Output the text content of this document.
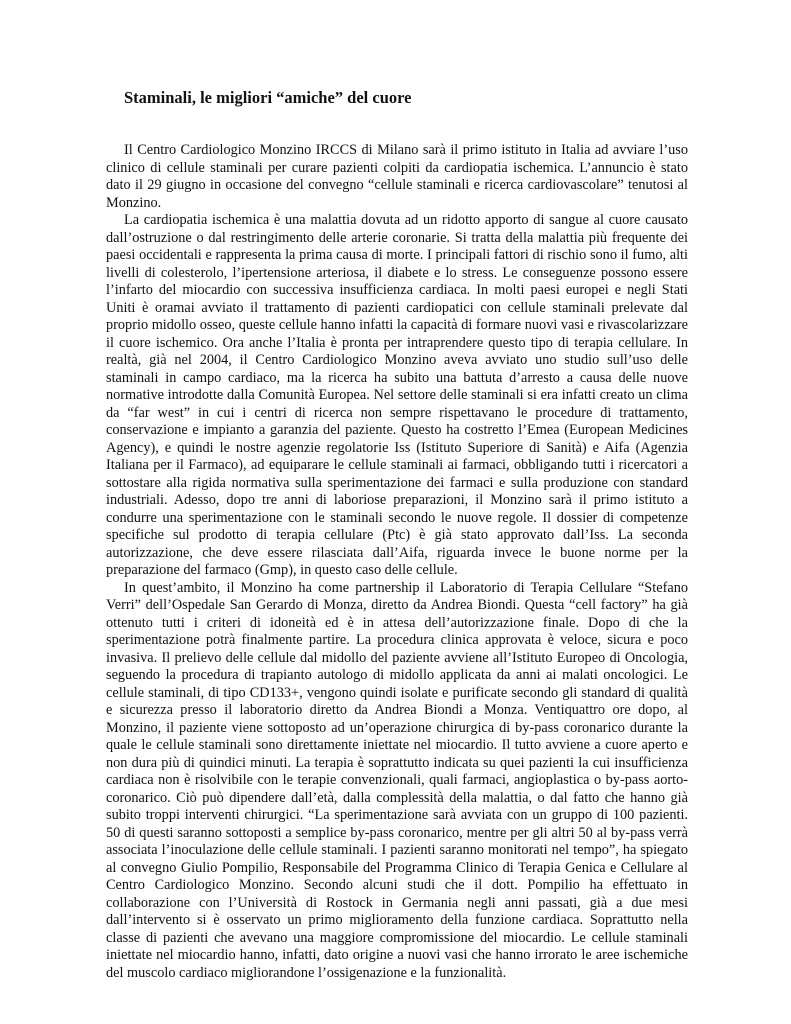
Staminali, le migliori “amiche” del cuore

Il Centro Cardiologico Monzino IRCCS di Milano sarà il primo istituto in Italia ad avviare l’uso clinico di cellule staminali per curare pazienti colpiti da cardiopatia ischemica. L’annuncio è stato dato il 29 giugno in occasione del convegno “cellule staminali e ricerca cardiovascolare” tenutosi al Monzino.

La cardiopatia ischemica è una malattia dovuta ad un ridotto apporto di sangue al cuore causato dall’ostruzione o dal restringimento delle arterie coronarie. Si tratta della malattia più frequente dei paesi occidentali e rappresenta la prima causa di morte. I principali fattori di rischio sono il fumo, alti livelli di colesterolo, l’ipertensione arteriosa, il diabete e lo stress. Le conseguenze possono essere l’infarto del miocardio con successiva insufficienza cardiaca. In molti paesi europei e negli Stati Uniti è oramai avviato il trattamento di pazienti cardiopatici con cellule staminali prelevate dal proprio midollo osseo, queste cellule hanno infatti la capacità di formare nuovi vasi e rivascolarizzare il cuore ischemico. Ora anche l’Italia è pronta per intraprendere questo tipo di terapia cellulare. In realtà, già nel 2004, il Centro Cardiologico Monzino aveva avviato uno studio sull’uso delle staminali in campo cardiaco, ma la ricerca ha subito una battuta d’arresto a causa delle nuove normative introdotte dalla Comunità Europea. Nel settore delle staminali si era infatti creato un clima da “far west” in cui i centri di ricerca non sempre rispettavano le procedure di trattamento, conservazione e impianto a garanzia del paziente. Questo ha costretto l’Emea (European Medicines Agency), e quindi le nostre agenzie regolatorie Iss (Istituto Superiore di Sanità) e Aifa (Agenzia Italiana per il Farmaco), ad equiparare le cellule staminali ai farmaci, obbligando tutti i ricercatori a sottostare alla rigida normativa sulla sperimentazione dei farmaci e sulla produzione con standard industriali. Adesso, dopo tre anni di laboriose preparazioni, il Monzino sarà il primo istituto a condurre una sperimentazione con le staminali secondo le nuove regole. Il dossier di competenze specifiche sul prodotto di terapia cellulare (Ptc) è già stato approvato dall’Iss. La seconda autorizzazione, che deve essere rilasciata dall’Aifa, riguarda invece le buone norme per la preparazione del farmaco (Gmp), in questo caso delle cellule.

In quest’ambito, il Monzino ha come partnership il Laboratorio di Terapia Cellulare “Stefano Verri” dell’Ospedale San Gerardo di Monza, diretto da Andrea Biondi. Questa “cell factory” ha già ottenuto tutti i criteri di idoneità ed è in attesa dell’autorizzazione finale. Dopo di che la sperimentazione potrà finalmente partire. La procedura clinica approvata è veloce, sicura e poco invasiva. Il prelievo delle cellule dal midollo del paziente avviene all’Istituto Europeo di Oncologia, seguendo la procedura di trapianto autologo di midollo applicata da anni ai malati oncologici. Le cellule staminali, di tipo CD133+, vengono quindi isolate e purificate secondo gli standard di qualità e sicurezza presso il laboratorio diretto da Andrea Biondi a Monza. Ventiquattro ore dopo, al Monzino, il paziente viene sottoposto ad un’operazione chirurgica di by-pass coronarico durante la quale le cellule staminali sono direttamente iniettate nel miocardio. Il tutto avviene a cuore aperto e non dura più di quindici minuti. La terapia è soprattutto indicata su quei pazienti la cui insufficienza cardiaca non è risolvibile con le terapie convenzionali, quali farmaci, angioplastica o by-pass aorto-coronarico. Ciò può dipendere dall’età, dalla complessità della malattia, o dal fatto che hanno già subito troppi interventi chirurgici. “La sperimentazione sarà avviata con un gruppo di 100 pazienti. 50 di questi saranno sottoposti a semplice by-pass coronarico, mentre per gli altri 50 al by-pass verrà associata l’inoculazione delle cellule staminali. I pazienti saranno monitorati nel tempo”, ha spiegato al convegno Giulio Pompilio, Responsabile del Programma Clinico di Terapia Genica e Cellulare al Centro Cardiologico Monzino. Secondo alcuni studi che il dott. Pompilio ha effettuato in collaborazione con l’Università di Rostock in Germania negli anni passati, già a due mesi dall’intervento si è osservato un primo miglioramento della funzione cardiaca. Soprattutto nella classe di pazienti che avevano una maggiore compromissione del miocardio. Le cellule staminali iniettate nel miocardio hanno, infatti, dato origine a nuovi vasi che hanno irrorato le aree ischemiche del muscolo cardiaco migliorandone l’ossigenazione e la funzionalità.
